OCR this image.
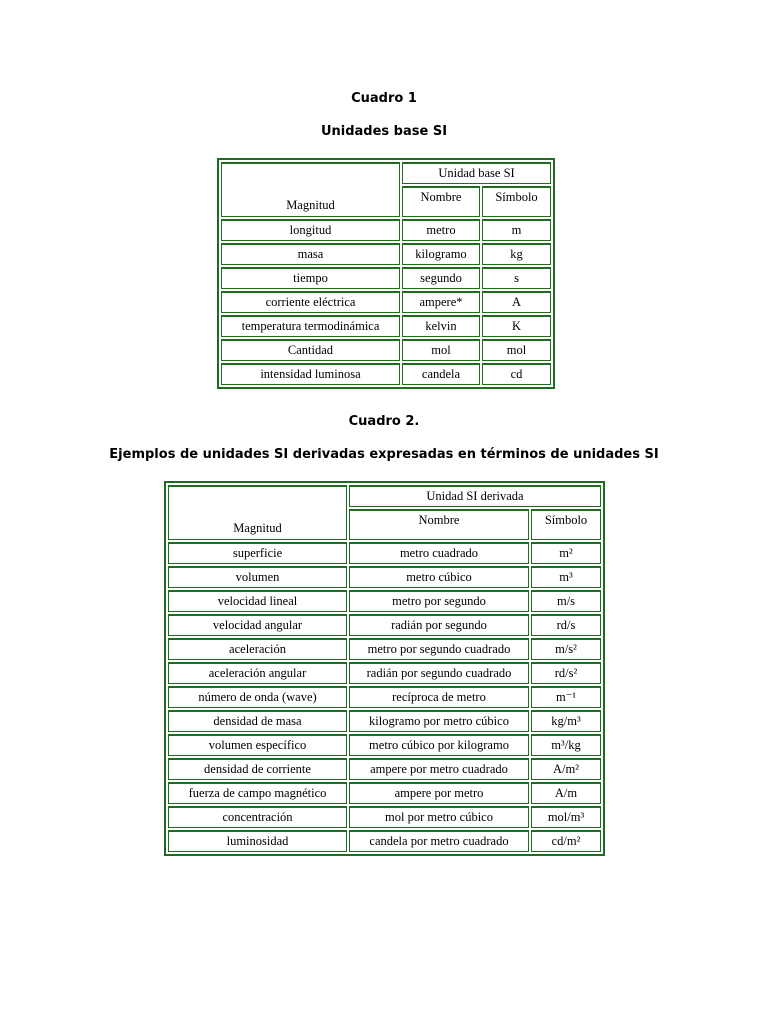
Cuadro 1
Unidades base SI
Magnitud	Unidad base SI	
	Nombre	Símbolo
longitud	metro	m
masa	kilogramo	kg
tiempo	segundo	s
corriente eléctrica	ampere*	A
temperatura termodinámica	kelvin	K
Cantidad	mol	mol
intensidad luminosa	candela	cd
Cuadro 2.
Ejemplos de unidades SI derivadas expresadas en términos de unidades SI
Magnitud	Unidad SI derivada	
	Nombre	Símbolo
superficie	metro cuadrado	m²
volumen	metro cúbico	m³
velocidad lineal	metro por segundo	m/s
velocidad angular	radián por segundo	rd/s
aceleración	metro por segundo cuadrado	m/s²
aceleración angular	radián por segundo cuadrado	rd/s²
número de onda (wave)	recíproca de metro	m⁻¹
densidad de masa	kilogramo por metro cúbico	kg/m³
volumen específico	metro cúbico por kilogramo	m³/kg
densidad de corriente	ampere por metro cuadrado	A/m²
fuerza de campo magnético	ampere por metro	A/m
concentración	mol por metro cúbico	mol/m³
luminosidad	candela por metro cuadrado	cd/m²
